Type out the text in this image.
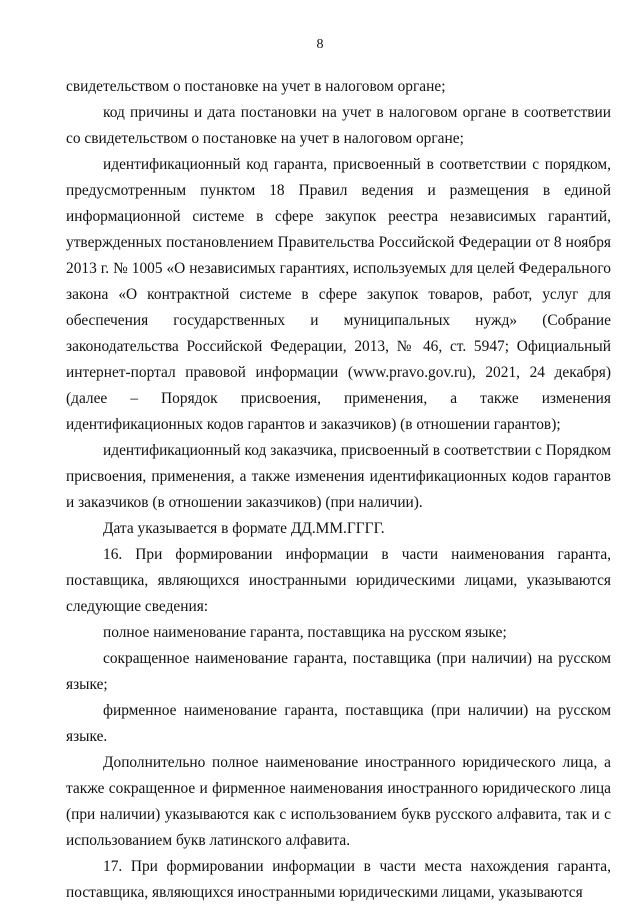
8

свидетельством о постановке на учет в налоговом органе;

код причины и дата постановки на учет в налоговом органе в соответствии со свидетельством о постановке на учет в налоговом органе;

идентификационный код гаранта, присвоенный в соответствии с порядком, предусмотренным пунктом 18 Правил ведения и размещения в единой информационной системе в сфере закупок реестра независимых гарантий, утвержденных постановлением Правительства Российской Федерации от 8 ноября 2013 г. № 1005 «О независимых гарантиях, используемых для целей Федерального закона «О контрактной системе в сфере закупок товаров, работ, услуг для обеспечения государственных и муниципальных нужд» (Собрание законодательства Российской Федерации, 2013, № 46, ст. 5947; Официальный интернет-портал правовой информации (www.pravo.gov.ru), 2021, 24 декабря) (далее – Порядок присвоения, применения, а также изменения идентификационных кодов гарантов и заказчиков) (в отношении гарантов);

идентификационный код заказчика, присвоенный в соответствии с Порядком присвоения, применения, а также изменения идентификационных кодов гарантов и заказчиков (в отношении заказчиков) (при наличии).

Дата указывается в формате ДД.ММ.ГГГГ.

16. При формировании информации в части наименования гаранта, поставщика, являющихся иностранными юридическими лицами, указываются следующие сведения:

полное наименование гаранта, поставщика на русском языке;

сокращенное наименование гаранта, поставщика (при наличии) на русском языке;

фирменное наименование гаранта, поставщика (при наличии) на русском языке.

Дополнительно полное наименование иностранного юридического лица, а также сокращенное и фирменное наименования иностранного юридического лица (при наличии) указываются как с использованием букв русского алфавита, так и с использованием букв латинского алфавита.

17. При формировании информации в части места нахождения гаранта, поставщика, являющихся иностранными юридическими лицами, указываются
